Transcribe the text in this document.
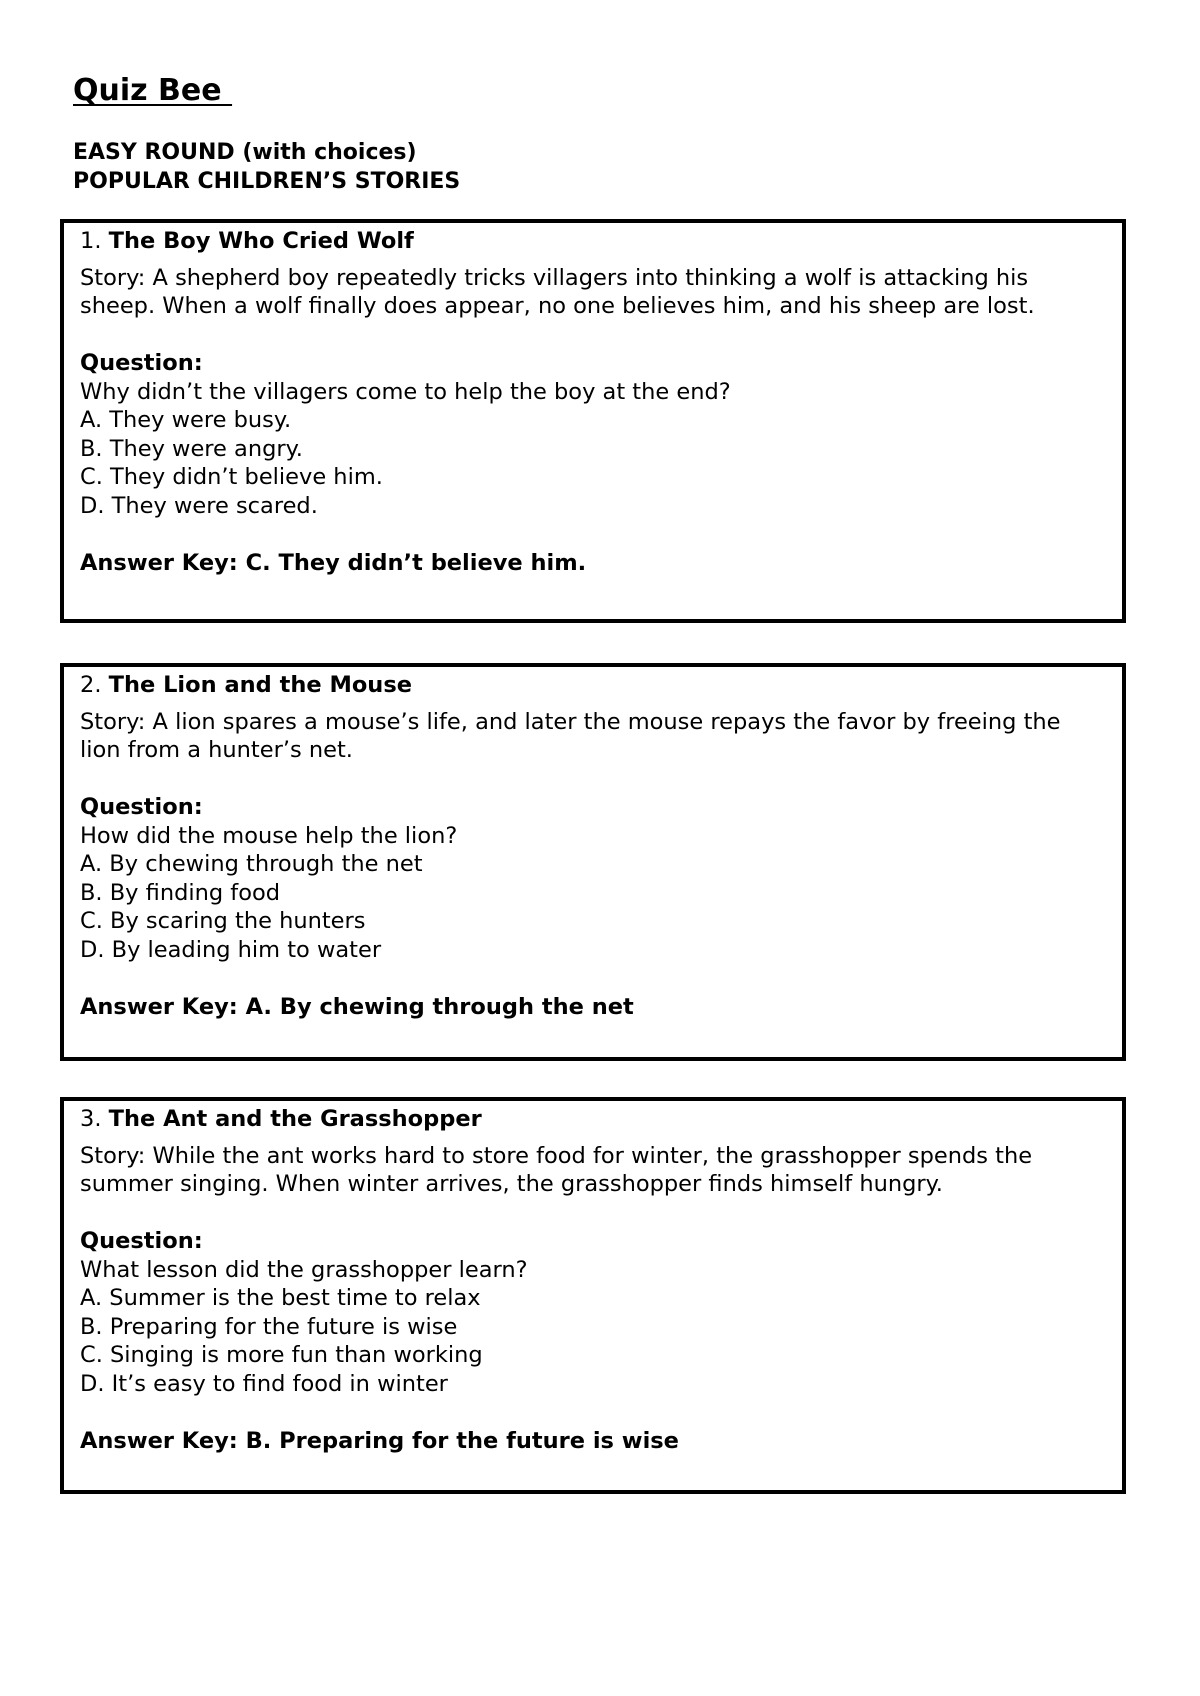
Quiz Bee
EASY ROUND (with choices)
POPULAR CHILDREN’S STORIES
1. The Boy Who Cried Wolf

Story: A shepherd boy repeatedly tricks villagers into thinking a wolf is attacking his sheep. When a wolf finally does appear, no one believes him, and his sheep are lost.

Question:
Why didn’t the villagers come to help the boy at the end?
A. They were busy.
B. They were angry.
C. They didn’t believe him.
D. They were scared.
Answer Key: C. They didn’t believe him.
2. The Lion and the Mouse

Story: A lion spares a mouse’s life, and later the mouse repays the favor by freeing the lion from a hunter’s net.

Question:
How did the mouse help the lion?
A. By chewing through the net
B. By finding food
C. By scaring the hunters
D. By leading him to water
Answer Key: A. By chewing through the net
3. The Ant and the Grasshopper

Story: While the ant works hard to store food for winter, the grasshopper spends the summer singing. When winter arrives, the grasshopper finds himself hungry.

Question:
What lesson did the grasshopper learn?
A. Summer is the best time to relax
B. Preparing for the future is wise
C. Singing is more fun than working
D. It’s easy to find food in winter
Answer Key: B. Preparing for the future is wise
